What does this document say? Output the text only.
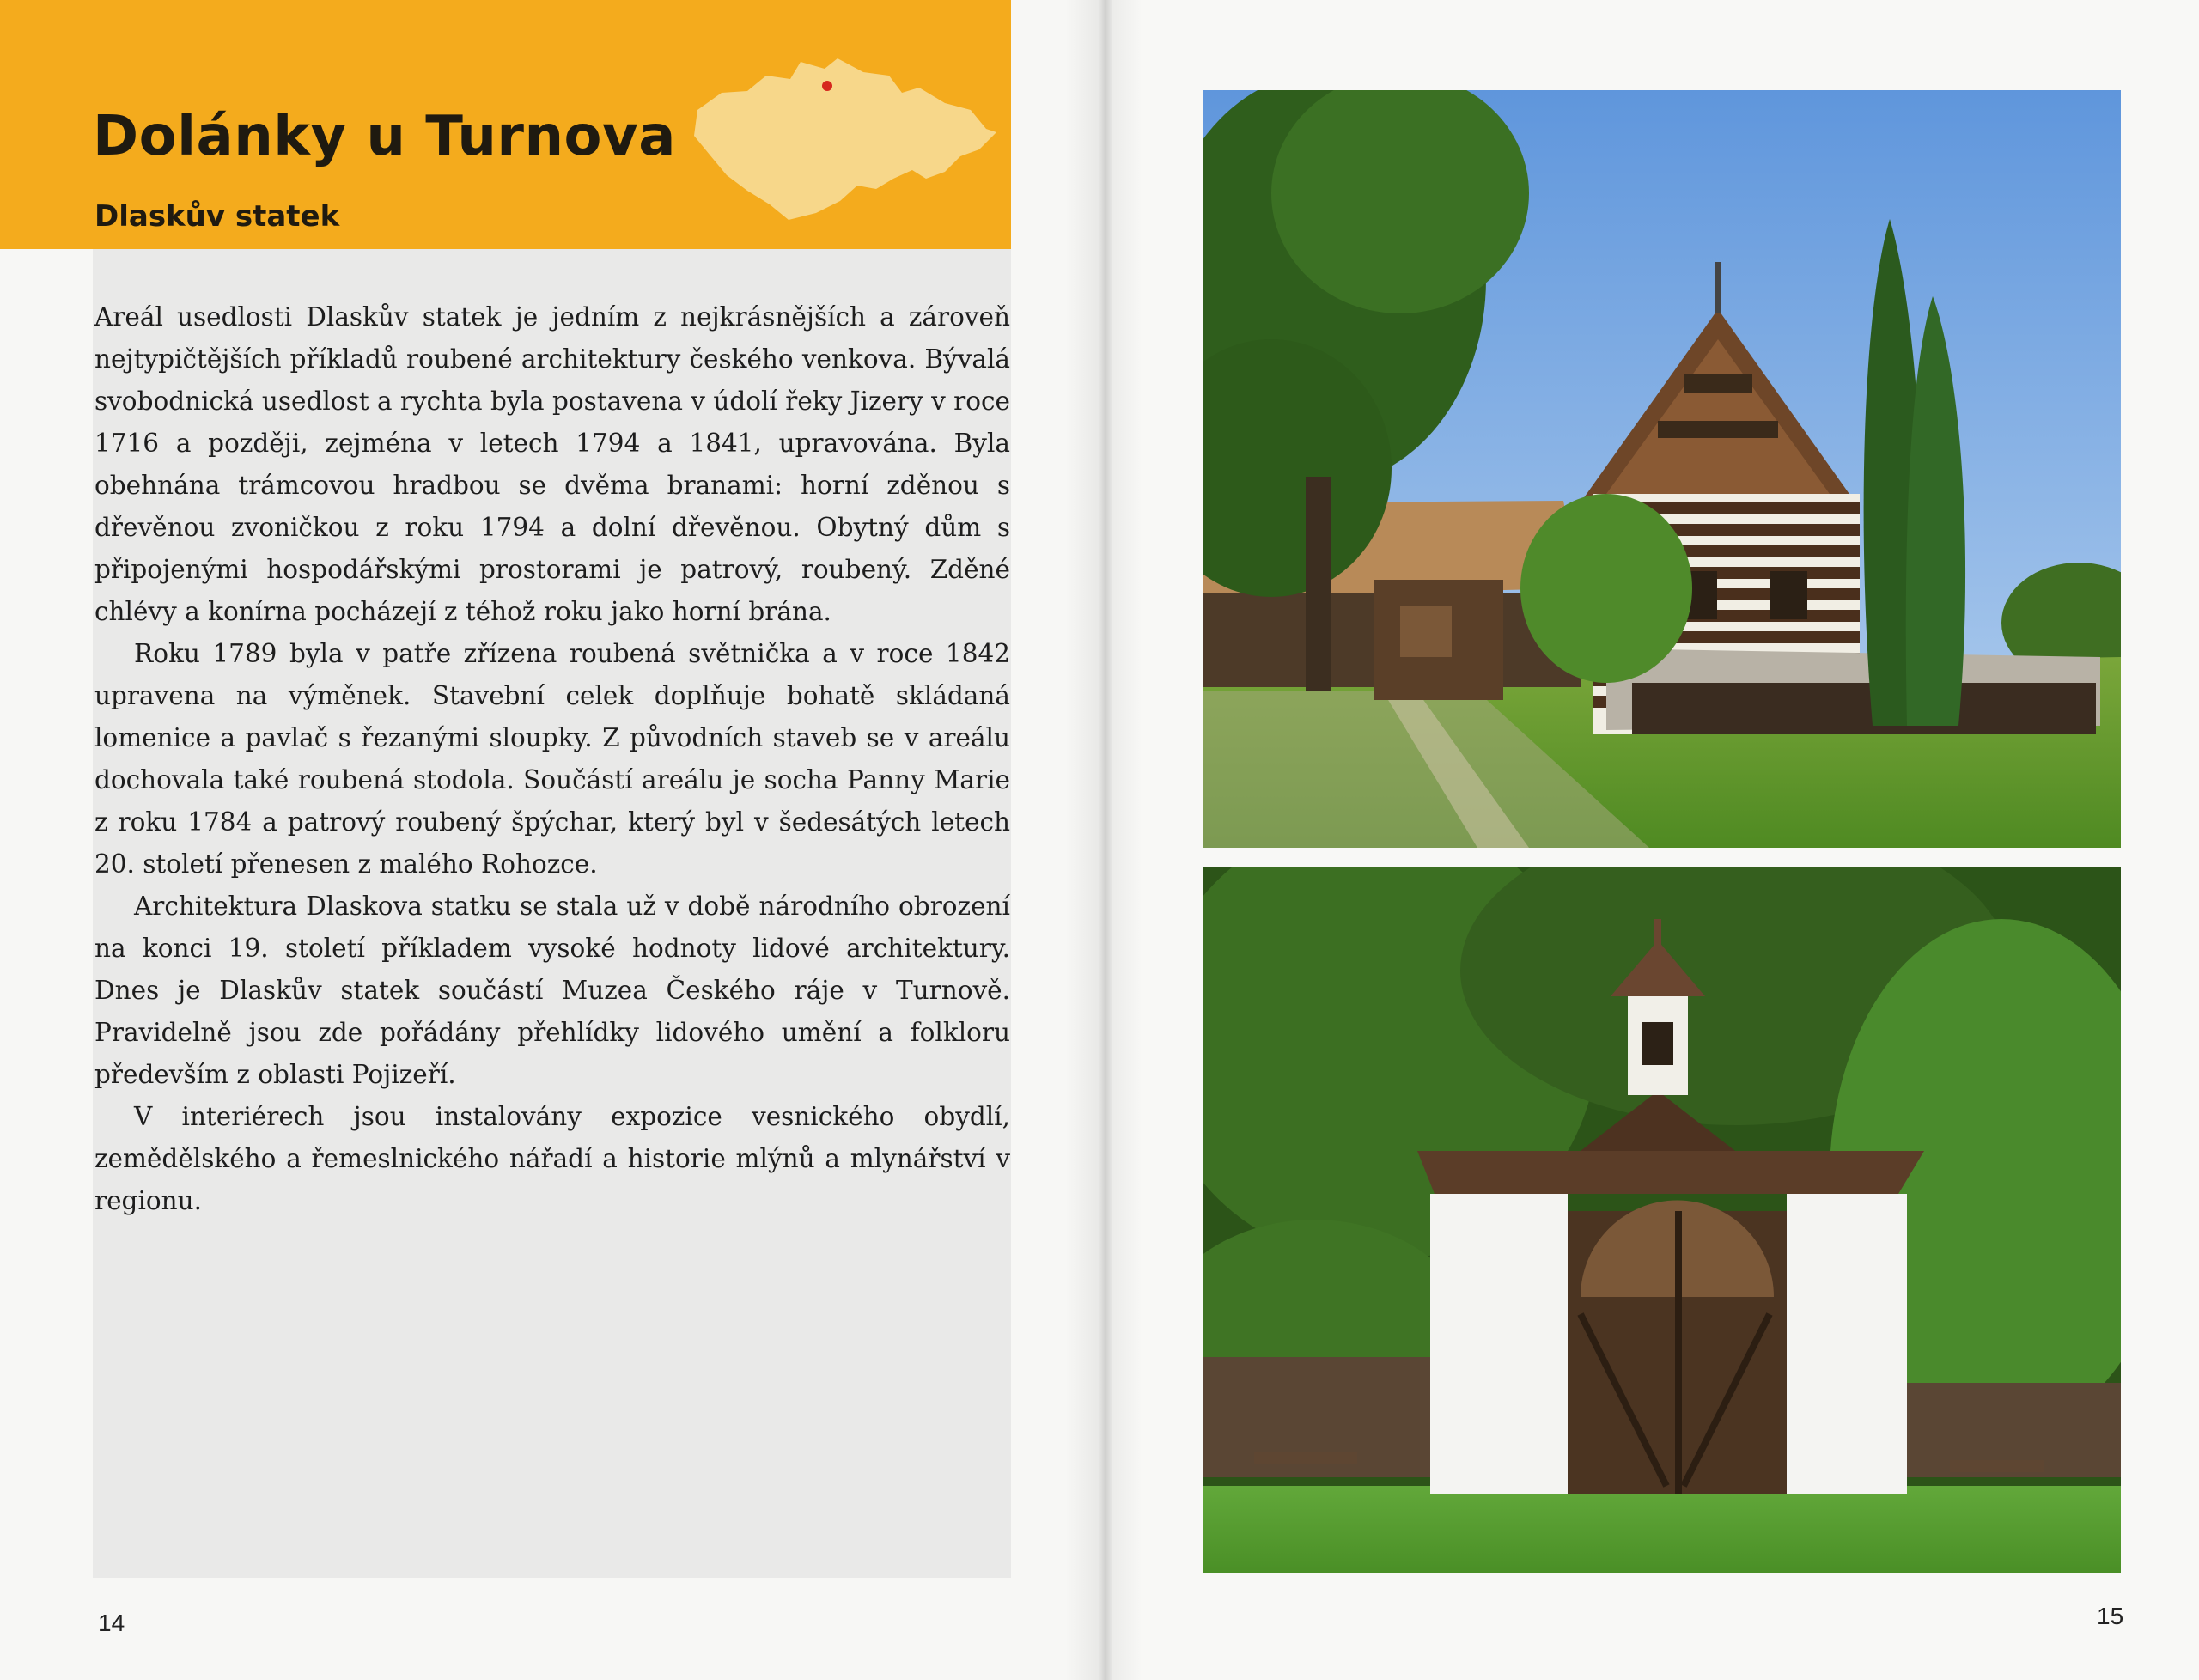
Dolánky u Turnova
Dlaskův statek

Areál usedlosti Dlaskův statek je jedním z nejkrásnějších a zároveň nejtypičtějších příkladů roubené architektury českého venkova. Bývalá svobodnická usedlost a rychta byla postavena v údolí řeky Jizery v roce 1716 a později, zejména v letech 1794 a 1841, upravována. Byla obehnána trámcovou hradbou se dvěma branami: horní zděnou s dřevěnou zvoničkou z roku 1794 a dolní dřevěnou. Obytný dům s připojenými hospodářskými prostorami je patrový, roubený. Zděné chlévy a konírna pocházejí z téhož roku jako horní brána.

Roku 1789 byla v patře zřízena roubená světnička a v roce 1842 upravena na výměnek. Stavební celek doplňuje bohatě skládaná lomenice a pavlač s řezanými sloupky. Z původních staveb se v areálu dochovala také roubená stodola. Součástí areálu je socha Panny Marie z roku 1784 a patrový roubený špýchar, který byl v šedesátých letech 20. století přenesen z malého Rohozce.

Architektura Dlaskova statku se stala už v době národního obrození na konci 19. století příkladem vysoké hodnoty lidové architektury. Dnes je Dlaskův statek součástí Muzea Českého ráje v Turnově. Pravidelně jsou zde pořádány přehlídky lidového umění a folkloru především z oblasti Pojizeří.

V interiérech jsou instalovány expozice vesnického obydlí, zemědělského a řemeslnického nářadí a historie mlýnů a mlynářství v regionu.

14	15
